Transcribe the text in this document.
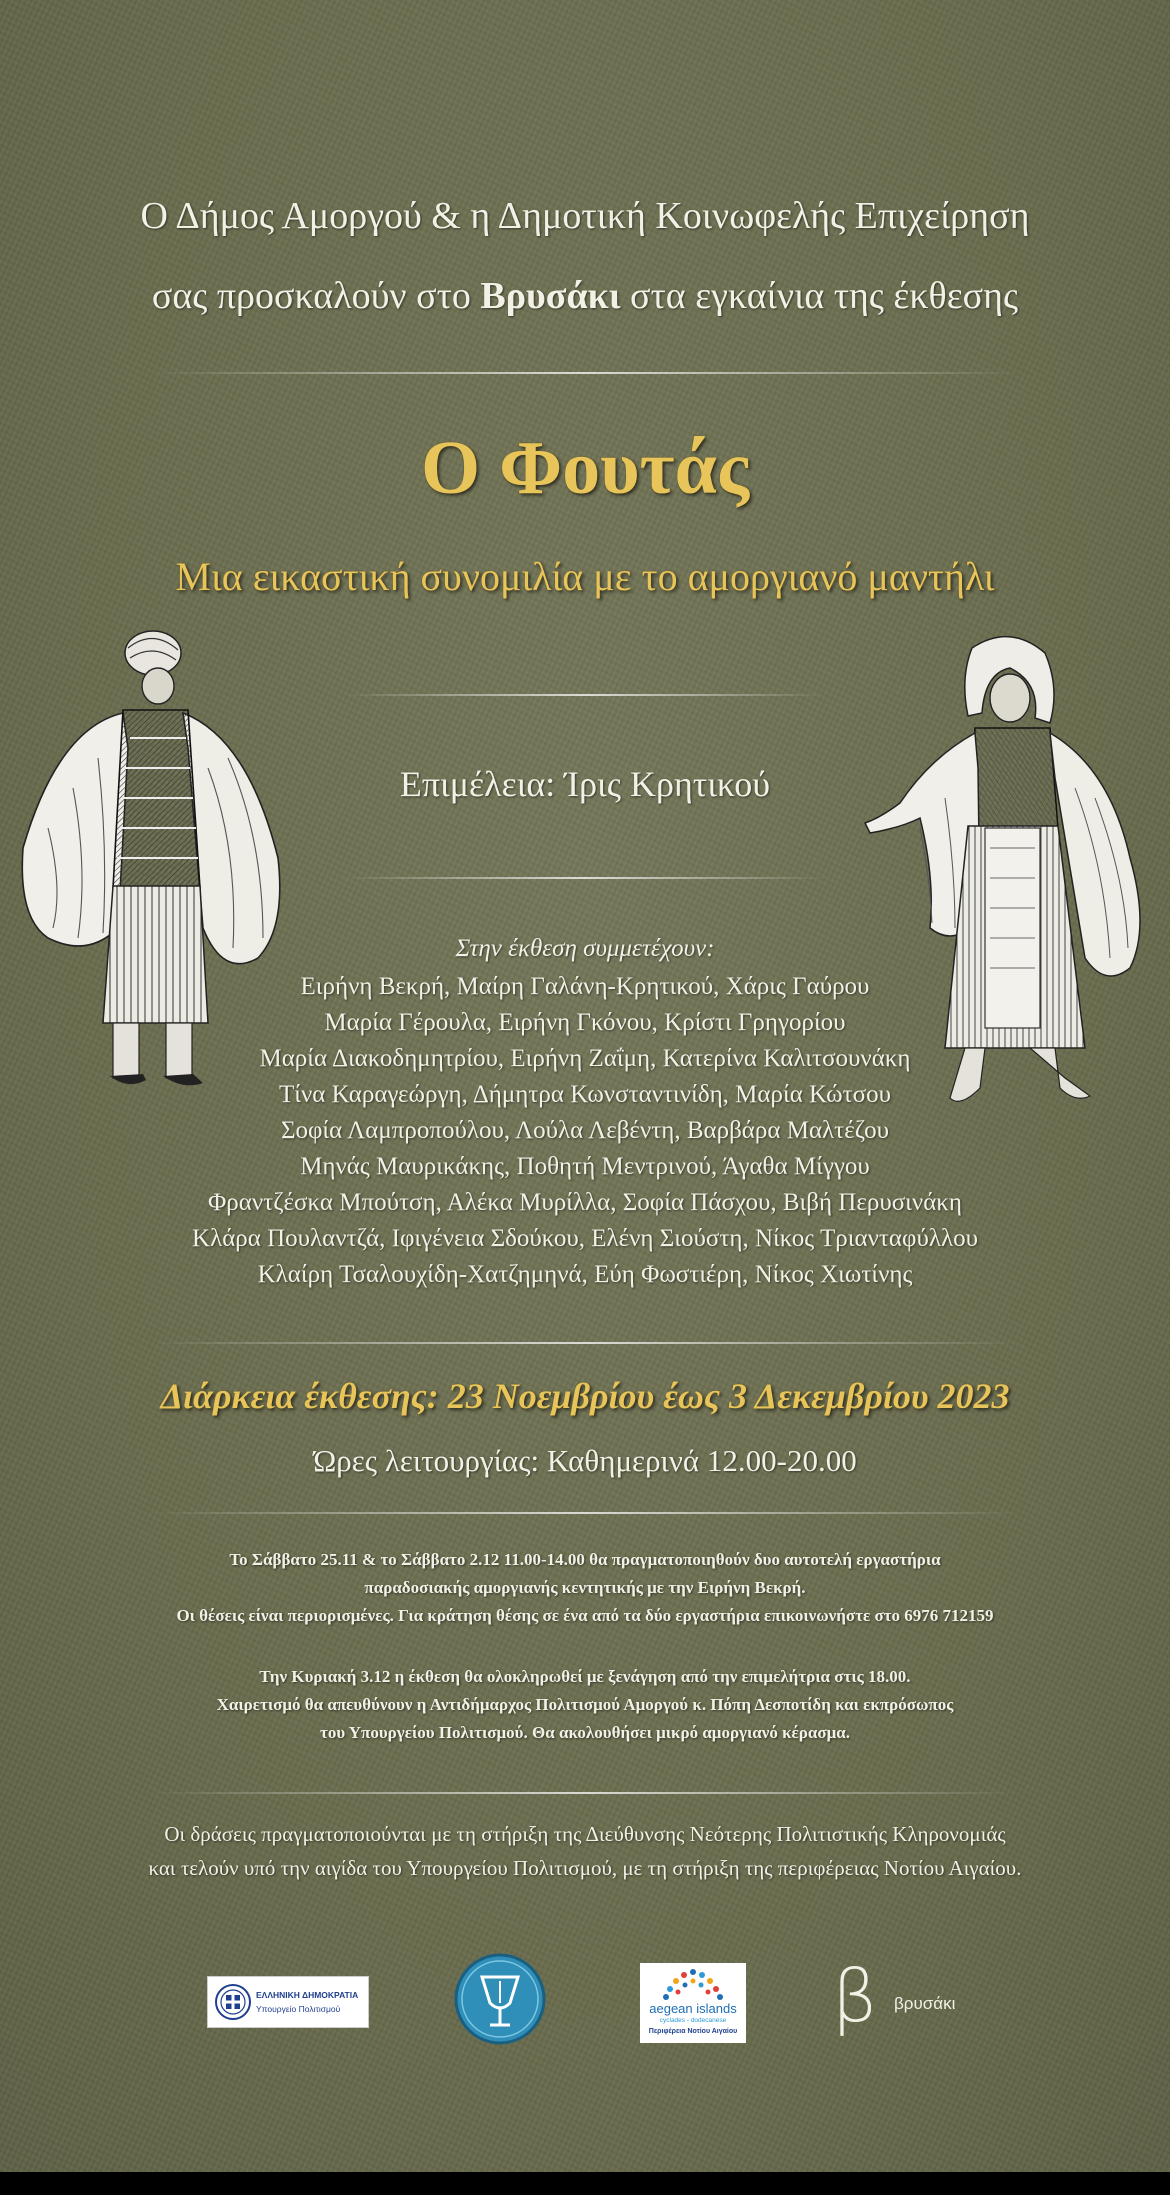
Ο Δήμος Αμοργού & η Δημοτική Κοινωφελής Επιχείρηση
σας προσκαλούν στο Βρυσάκι στα εγκαίνια της έκθεσης
Ο Φουτάς
Μια εικαστική συνομιλία με το αμοργιανό μαντήλι
Επιμέλεια: Ίρις Κρητικού
Στην έκθεση συμμετέχουν:
Ειρήνη Βεκρή, Μαίρη Γαλάνη-Κρητικού, Χάρις Γαύρου
Μαρία Γέρουλα, Ειρήνη Γκόνου, Κρίστι Γρηγορίου
Μαρία Διακοδημητρίου, Ειρήνη Ζαΐμη, Κατερίνα Καλιτσουνάκη
Τίνα Καραγεώργη, Δήμητρα Κωνσταντινίδη, Μαρία Κώτσου
Σοφία Λαμπροπούλου, Λούλα Λεβέντη, Βαρβάρα Μαλτέζου
Μηνάς Μαυρικάκης, Ποθητή Μεντρινού, Άγαθα Μίγγου
Φραντζέσκα Μπούτση, Αλέκα Μυρίλλα, Σοφία Πάσχου, Βιβή Περυσινάκη
Κλάρα Πουλαντζά, Ιφιγένεια Σδούκου, Ελένη Σιούστη, Νίκος Τριανταφύλλου
Κλαίρη Τσαλουχίδη-Χατζημηνά, Εύη Φωστιέρη, Νίκος Χιωτίνης
Διάρκεια έκθεσης: 23 Νοεμβρίου έως 3 Δεκεμβρίου 2023
Ώρες λειτουργίας: Καθημερινά 12.00-20.00
Το Σάββατο 25.11 & το Σάββατο 2.12 11.00-14.00 θα πραγματοποιηθούν δυο αυτοτελή εργαστήρια
παραδοσιακής αμοργιανής κεντητικής με την Ειρήνη Βεκρή.
Οι θέσεις είναι περιορισμένες. Για κράτηση θέσης σε ένα από τα δύο εργαστήρια επικοινωνήστε στο 6976 712159
Την Κυριακή 3.12 η έκθεση θα ολοκληρωθεί με ξενάγηση από την επιμελήτρια στις 18.00.
Χαιρετισμό θα απευθύνουν η Αντιδήμαρχος Πολιτισμού Αμοργού κ. Πόπη Δεσποτίδη και εκπρόσωπος
του Υπουργείου Πολιτισμού. Θα ακολουθήσει μικρό αμοργιανό κέρασμα.
Οι δράσεις πραγματοποιούνται με τη στήριξη της Διεύθυνσης Νεότερης Πολιτιστικής Κληρονομιάς
και τελούν υπό την αιγίδα του Υπουργείου Πολιτισμού, με τη στήριξη της περιφέρειας Νοτίου Αιγαίου.
ΕΛΛΗΝΙΚΗ ΔΗΜΟΚΡΑΤΙΑ
Υπουργείο Πολιτισμού	aegean islands
cyclades - dodecanese
Περιφέρεια Νοτίου Αιγαίου β βρυσάκι
